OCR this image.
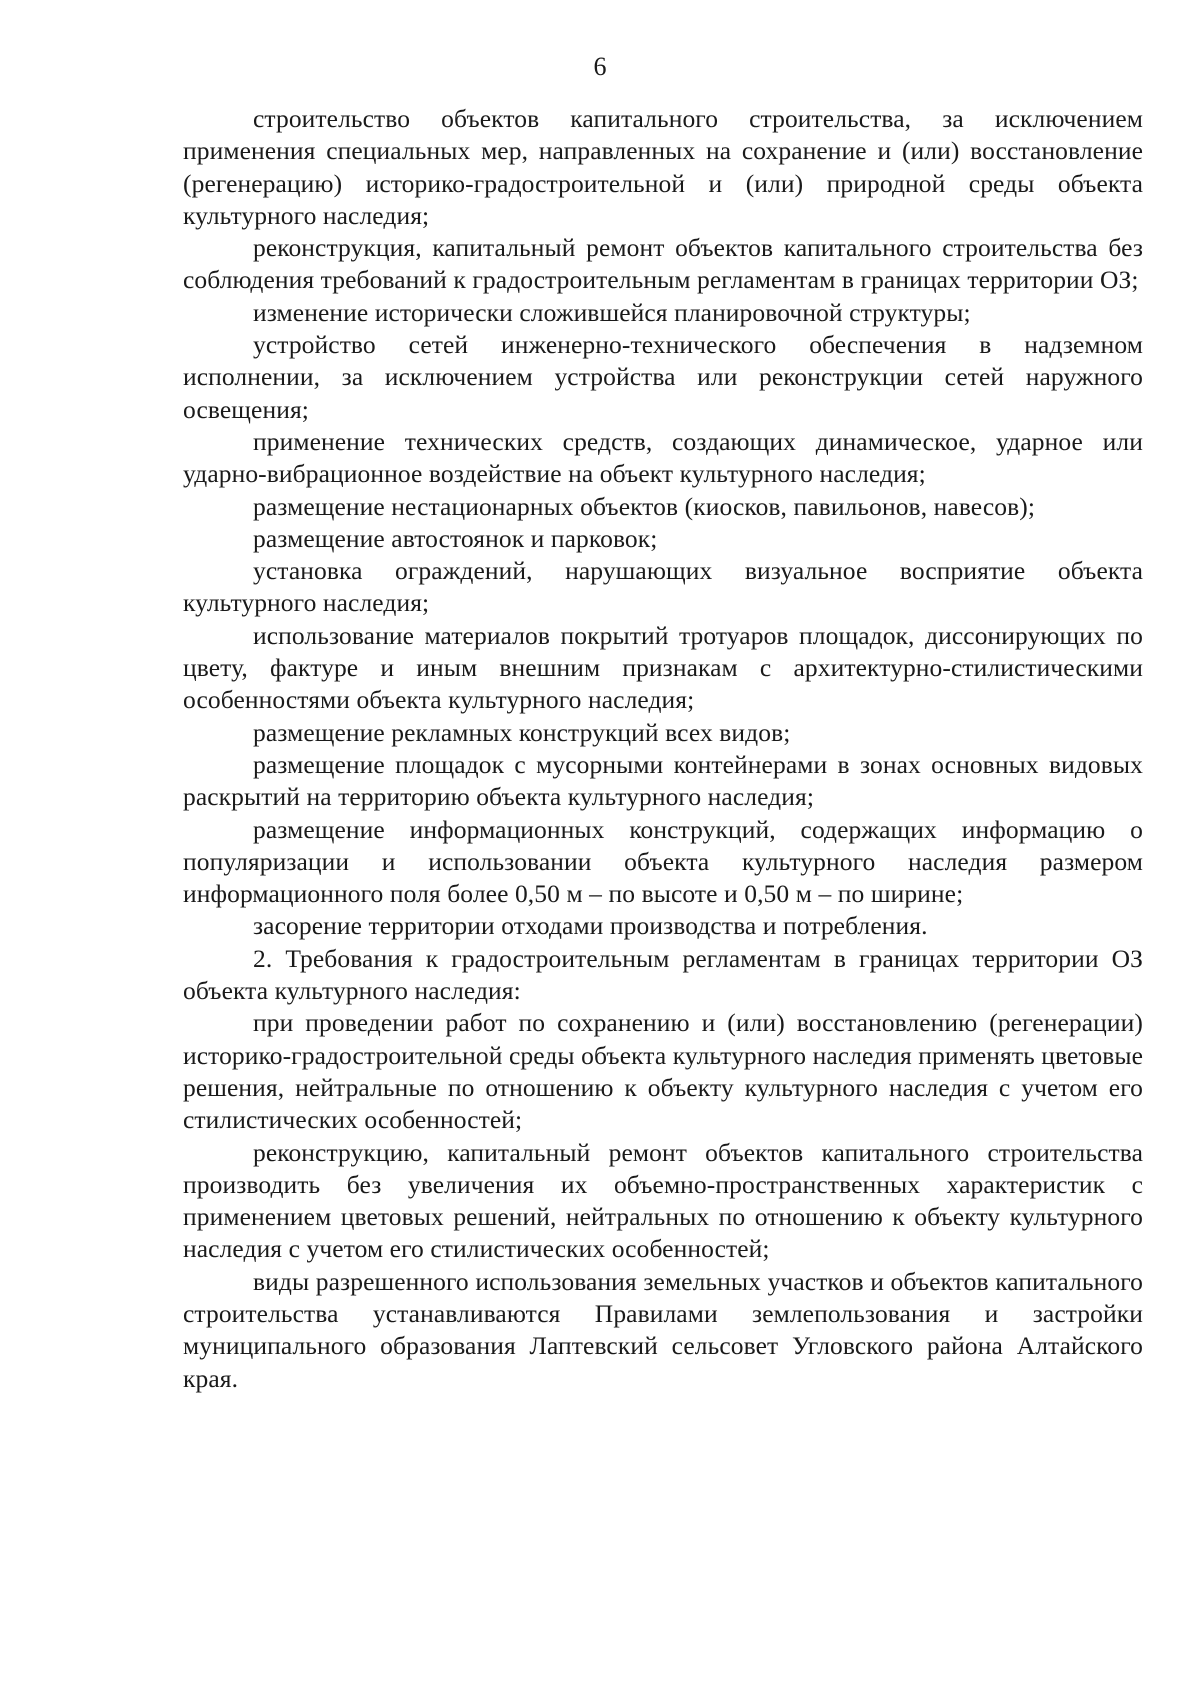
6

строительство объектов капитального строительства, за исключением применения специальных мер, направленных на сохранение и (или) восстановление (регенерацию) историко-градостроительной и (или) природной среды объекта культурного наследия;

реконструкция, капитальный ремонт объектов капитального строительства без соблюдения требований к градостроительным регламентам в границах территории ОЗ;

изменение исторически сложившейся планировочной структуры;

устройство сетей инженерно-технического обеспечения в надземном исполнении, за исключением устройства или реконструкции сетей наружного освещения;

применение технических средств, создающих динамическое, ударное или ударно-вибрационное воздействие на объект культурного наследия;

размещение нестационарных объектов (киосков, павильонов, навесов);

размещение автостоянок и парковок;

установка ограждений, нарушающих визуальное восприятие объекта культурного наследия;

использование материалов покрытий тротуаров площадок, диссонирующих по цвету, фактуре и иным внешним признакам с архитектурно-стилистическими особенностями объекта культурного наследия;

размещение рекламных конструкций всех видов;

размещение площадок с мусорными контейнерами в зонах основных видовых раскрытий на территорию объекта культурного наследия;

размещение информационных конструкций, содержащих информацию о популяризации и использовании объекта культурного наследия размером информационного поля более 0,50 м – по высоте и 0,50 м – по ширине;

засорение территории отходами производства и потребления.

2. Требования к градостроительным регламентам в границах территории ОЗ объекта культурного наследия:

при проведении работ по сохранению и (или) восстановлению (регенерации) историко-градостроительной среды объекта культурного наследия применять цветовые решения, нейтральные по отношению к объекту культурного наследия с учетом его стилистических особенностей;

реконструкцию, капитальный ремонт объектов капитального строительства производить без увеличения их объемно-пространственных характеристик с применением цветовых решений, нейтральных по отношению к объекту культурного наследия с учетом его стилистических особенностей;

виды разрешенного использования земельных участков и объектов капитального строительства устанавливаются Правилами землепользования и застройки муниципального образования Лаптевский сельсовет Угловского района Алтайского края.
